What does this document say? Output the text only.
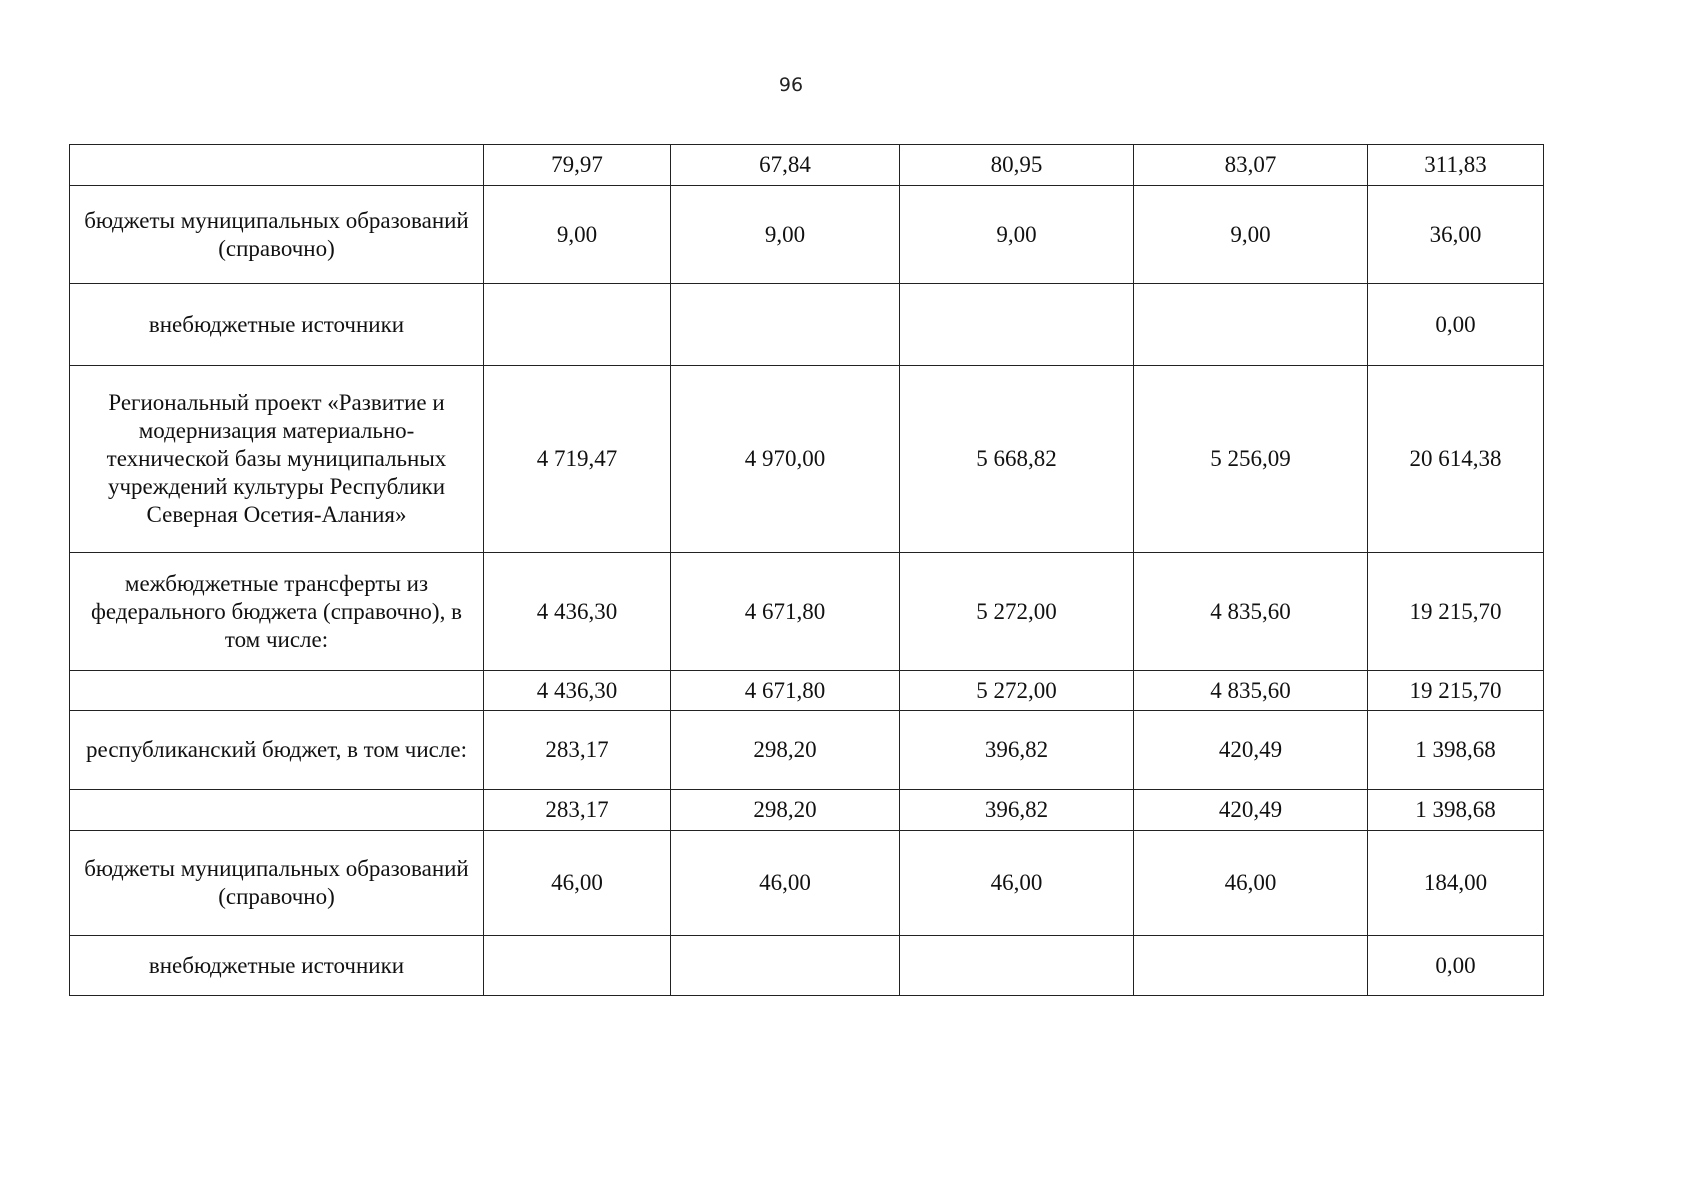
96
	79,97	67,84	80,95	83,07	311,83
бюджеты муниципальных образований (справочно)	9,00	9,00	9,00	9,00	36,00
внебюджетные источники					0,00
Региональный проект «Развитие и модернизация материально-технической базы муниципальных учреждений культуры Республики Северная Осетия-Алания»	4 719,47	4 970,00	5 668,82	5 256,09	20 614,38
межбюджетные трансферты из федерального бюджета (справочно), в том числе:	4 436,30	4 671,80	5 272,00	4 835,60	19 215,70
	4 436,30	4 671,80	5 272,00	4 835,60	19 215,70
республиканский бюджет, в том числе:	283,17	298,20	396,82	420,49	1 398,68
	283,17	298,20	396,82	420,49	1 398,68
бюджеты муниципальных образований (справочно)	46,00	46,00	46,00	46,00	184,00
внебюджетные источники					0,00
